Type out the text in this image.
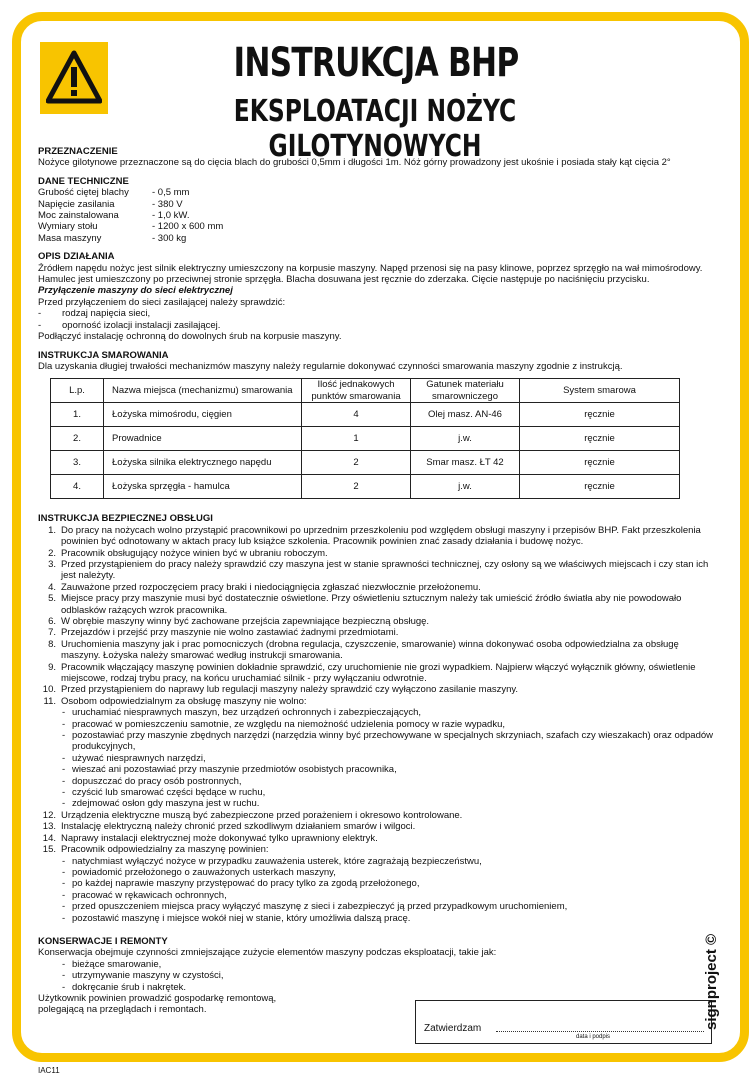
INSTRUKCJA BHP
EKSPLOATACJI NOŻYC GILOTYNOWYCH
PRZEZNACZENIE

Nożyce gilotynowe przeznaczone są do cięcia blach do grubości 0,5mm i długości 1m. Nóż górny prowadzony jest ukośnie i posiada stały kąt cięcia 2°

DANE TECHNICZNE
Grubość ciętej blachy	- 0,5 mm
Napięcie zasilania	- 380 V
Moc zainstalowana	- 1,0 kW.
Wymiary stołu	- 1200 x 600 mm
Masa maszyny	- 300 kg
OPIS DZIAŁANIA

Źródłem napędu nożyc jest silnik elektryczny umieszczony na korpusie maszyny. Napęd przenosi się na pasy klinowe, poprzez sprzęgło na wał mimośrodowy. Hamulec jest umieszczony po przeciwnej stronie sprzęgła. Blacha dosuwana jest ręcznie do zderzaka. Cięcie następuje po naciśnięciu przycisku.

Przyłączenie maszyny do sieci elektrycznej
Przed przyłączeniem do sieci zasilającej należy sprawdzić:
- rodzaj napięcia sieci,
- oporność izolacji instalacji zasilającej.
Podłączyć instalację ochronną do dowolnych śrub na korpusie maszyny.
INSTRUKCJA SMAROWANIA
Dla uzyskania długiej trwałości mechanizmów maszyny należy regularnie dokonywać czynności smarowania maszyny zgodnie z instrukcją.
L.p.	Nazwa miejsca (mechanizmu) smarowania	Ilość jednakowych punktów smarowania	Gatunek materiału smarowniczego	System smarowa
1.	Łożyska mimośrodu, cięgien	4	Olej masz. AN-46	ręcznie
2.	Prowadnice	1	j.w.	ręcznie
3.	Łożyska silnika elektrycznego napędu	2	Smar masz. ŁT 42	ręcznie
4.	Łożyska sprzęgła - hamulca	2	j.w.	ręcznie
INSTRUKCJA BEZPIECZNEJ OBSŁUGI
1. Do pracy na nożycach wolno przystąpić pracownikowi po uprzednim przeszkoleniu pod względem obsługi maszyny i przepisów BHP. Fakt przeszkolenia powinien być odnotowany w aktach pracy lub książce szkolenia. Pracownik powinien znać zasady działania i budowę nożyc.
2. Pracownik obsługujący nożyce winien być w ubraniu roboczym.
3. Przed przystąpieniem do pracy należy sprawdzić czy maszyna jest w stanie sprawności technicznej, czy osłony są we właściwych miejscach i czy stan ich jest należyty.
4. Zauważone przed rozpoczęciem pracy braki i niedociągnięcia zgłaszać niezwłocznie przełożonemu.
5. Miejsce pracy przy maszynie musi być dostatecznie oświetlone. Przy oświetleniu sztucznym należy tak umieścić źródło światła aby nie powodowało odblasków rażących wzrok pracownika.
6. W obrębie maszyny winny być zachowane przejścia zapewniające bezpieczną obsługę.
7. Przejazdów i przejść przy maszynie nie wolno zastawiać żadnymi przedmiotami.
8. Uruchomienia maszyny jak i prac pomocniczych (drobna regulacja, czyszczenie, smarowanie) winna dokonywać osoba odpowiedzialna za obsługę maszyny. Łożyska należy smarować według instrukcji smarowania.
9. Pracownik włączający maszynę powinien dokładnie sprawdzić, czy uruchomienie nie grozi wypadkiem. Najpierw włączyć wyłącznik główny, oświetlenie miejscowe, rodzaj trybu pracy, na końcu uruchamiać silnik - przy wyłączaniu odwrotnie.
10. Przed przystąpieniem do naprawy lub regulacji maszyny należy sprawdzić czy wyłączono zasilanie maszyny.
11. Osobom odpowiedzialnym za obsługę maszyny nie wolno:
- uruchamiać niesprawnych maszyn, bez urządzeń ochronnych i zabezpieczających,
- pracować w pomieszczeniu samotnie, ze względu na niemożność udzielenia pomocy w razie wypadku,
- pozostawiać przy maszynie zbędnych narzędzi (narzędzia winny być przechowywane w specjalnych skrzyniach, szafach czy wieszakach) oraz odpadów produkcyjnych,
- używać niesprawnych narzędzi,
- wieszać ani pozostawiać przy maszynie przedmiotów osobistych pracownika,
- dopuszczać do pracy osób postronnych,
- czyścić lub smarować części będące w ruchu,
- zdejmować osłon gdy maszyna jest w ruchu.
12. Urządzenia elektryczne muszą być zabezpieczone przed porażeniem i okresowo kontrolowane.
13. Instalację elektryczną należy chronić przed szkodliwym działaniem smarów i wilgoci.
14. Naprawy instalacji elektrycznej może dokonywać tylko uprawniony elektryk.
15. Pracownik odpowiedzialny za maszynę powinien:
- natychmiast wyłączyć nożyce w przypadku zauważenia usterek, które zagrażają bezpieczeństwu,
- powiadomić przełożonego o zauważonych usterkach maszyny,
- po każdej naprawie maszyny przystępować do pracy tylko za zgodą przełożonego,
- pracować w rękawicach ochronnych,
- przed opuszczeniem miejsca pracy wyłączyć maszynę z sieci i zabezpieczyć ją przed przypadkowym uruchomieniem,
- pozostawić maszynę i miejsce wokół niej w stanie, który umożliwia dalszą pracę.
KONSERWACJE I REMONTY
Konserwacja obejmuje czynności zmniejszające zużycie elementów maszyny podczas eksploatacji, takie jak:
- bieżące smarowanie,
- utrzymywanie maszyny w czystości,
- dokręcanie śrub i nakrętek.
Użytkownik powinien prowadzić gospodarkę remontową,
polegającą na przeglądach i remontach.
Zatwierdzam
data i podpis
signproject ©
IAC11
